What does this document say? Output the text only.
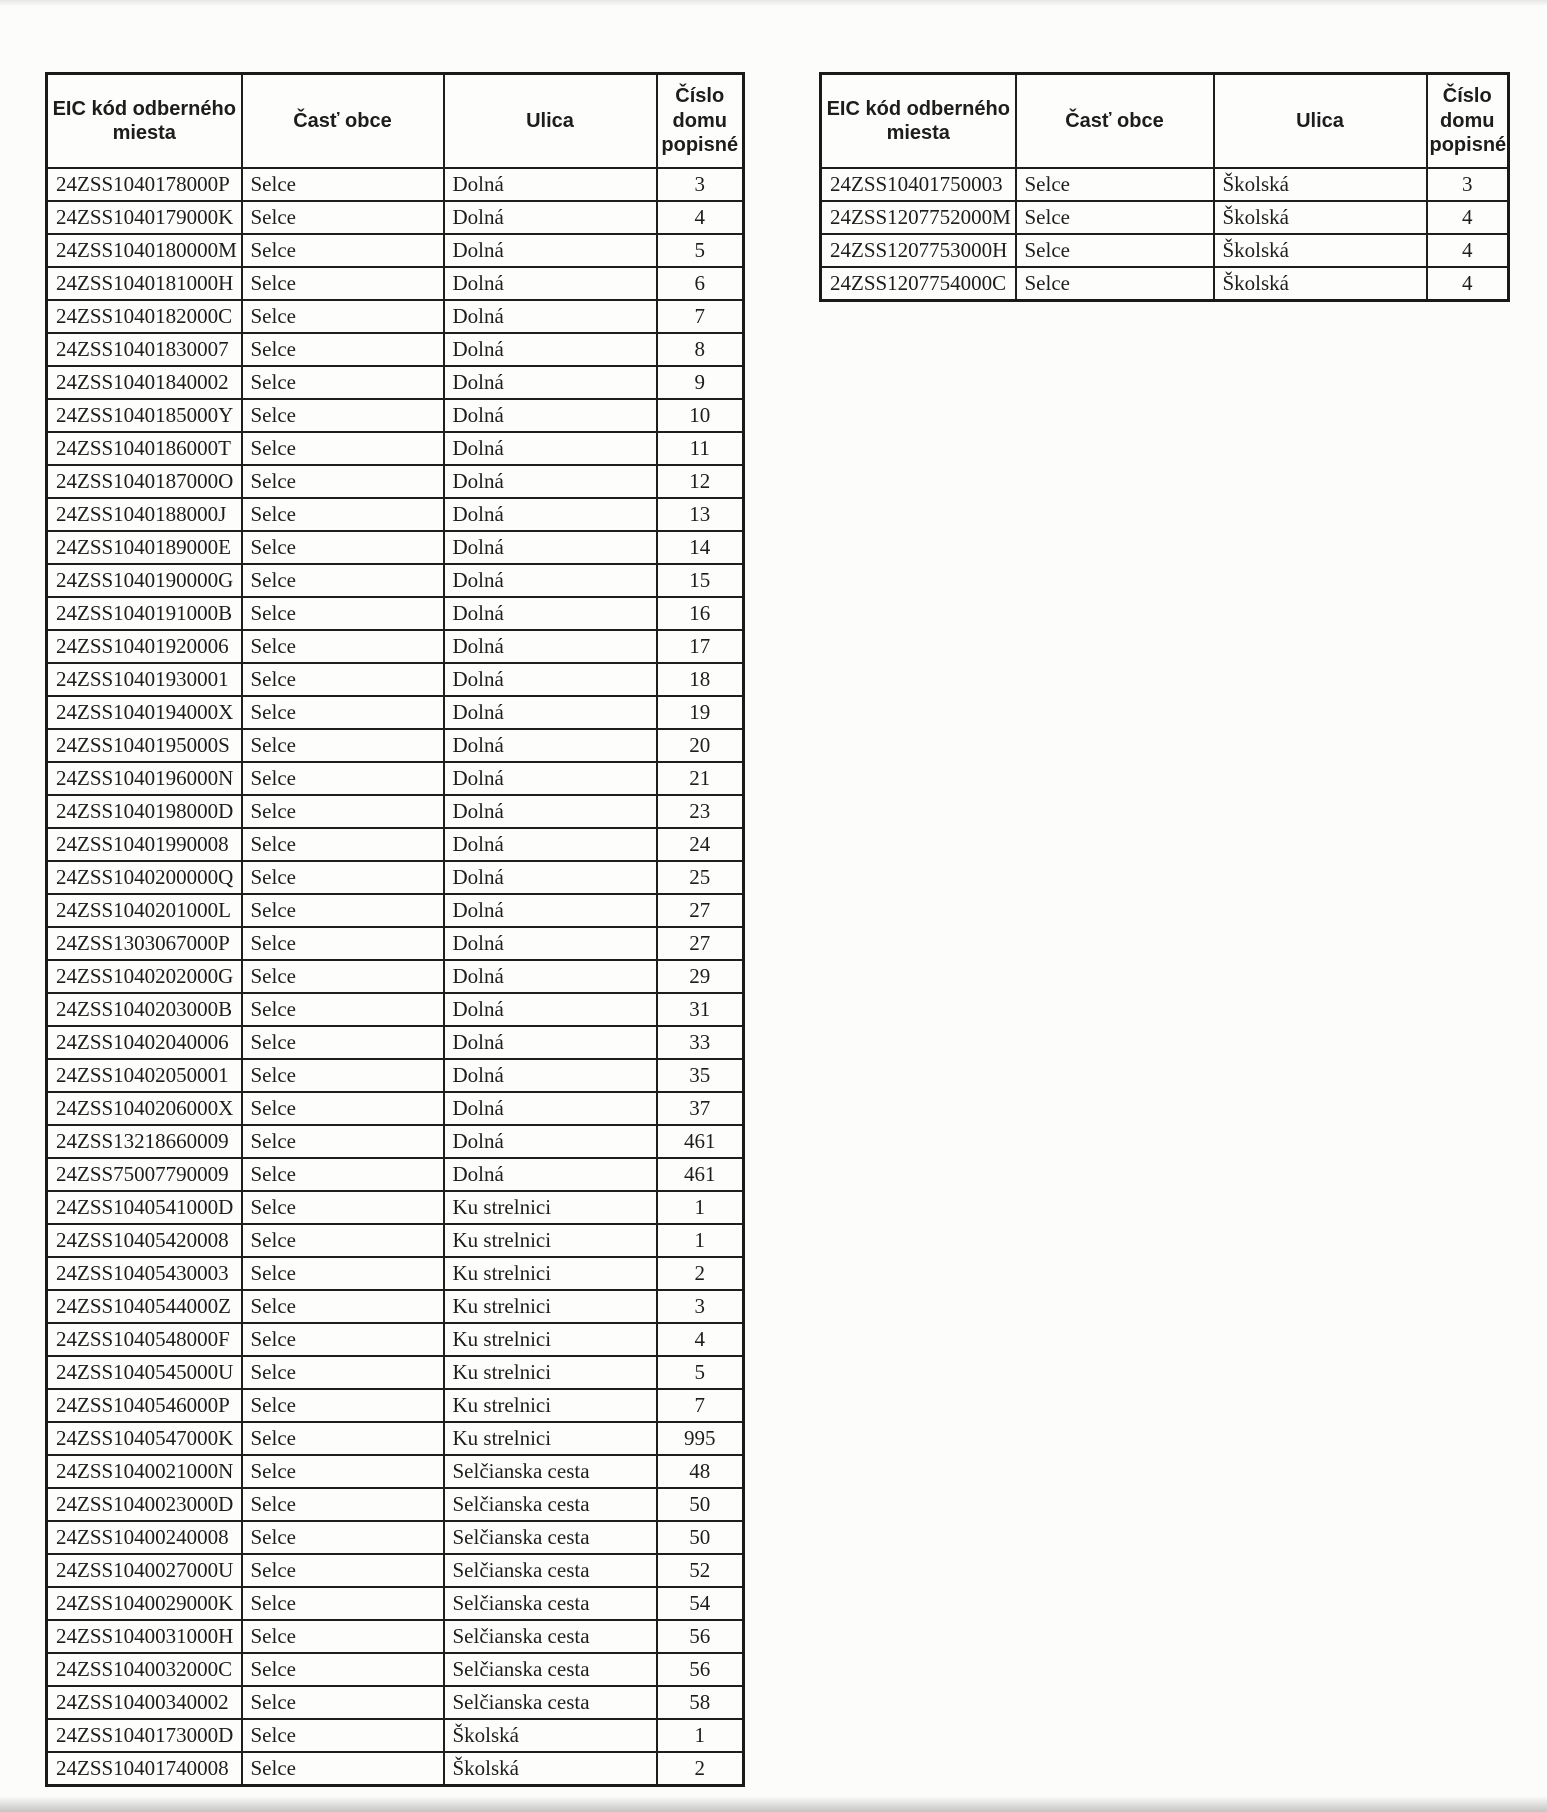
EIC kód odberného miesta	Časť obce	Ulica	Číslo domu popisné
24ZSS1040178000P	Selce	Dolná	3
24ZSS1040179000K	Selce	Dolná	4
24ZSS1040180000M	Selce	Dolná	5
24ZSS1040181000H	Selce	Dolná	6
24ZSS1040182000C	Selce	Dolná	7
24ZSS10401830007	Selce	Dolná	8
24ZSS10401840002	Selce	Dolná	9
24ZSS1040185000Y	Selce	Dolná	10
24ZSS1040186000T	Selce	Dolná	11
24ZSS1040187000O	Selce	Dolná	12
24ZSS1040188000J	Selce	Dolná	13
24ZSS1040189000E	Selce	Dolná	14
24ZSS1040190000G	Selce	Dolná	15
24ZSS1040191000B	Selce	Dolná	16
24ZSS10401920006	Selce	Dolná	17
24ZSS10401930001	Selce	Dolná	18
24ZSS1040194000X	Selce	Dolná	19
24ZSS1040195000S	Selce	Dolná	20
24ZSS1040196000N	Selce	Dolná	21
24ZSS1040198000D	Selce	Dolná	23
24ZSS10401990008	Selce	Dolná	24
24ZSS1040200000Q	Selce	Dolná	25
24ZSS1040201000L	Selce	Dolná	27
24ZSS1303067000P	Selce	Dolná	27
24ZSS1040202000G	Selce	Dolná	29
24ZSS1040203000B	Selce	Dolná	31
24ZSS10402040006	Selce	Dolná	33
24ZSS10402050001	Selce	Dolná	35
24ZSS1040206000X	Selce	Dolná	37
24ZSS13218660009	Selce	Dolná	461
24ZSS75007790009	Selce	Dolná	461
24ZSS1040541000D	Selce	Ku strelnici	1
24ZSS10405420008	Selce	Ku strelnici	1
24ZSS10405430003	Selce	Ku strelnici	2
24ZSS1040544000Z	Selce	Ku strelnici	3
24ZSS1040548000F	Selce	Ku strelnici	4
24ZSS1040545000U	Selce	Ku strelnici	5
24ZSS1040546000P	Selce	Ku strelnici	7
24ZSS1040547000K	Selce	Ku strelnici	995
24ZSS1040021000N	Selce	Selčianska cesta	48
24ZSS1040023000D	Selce	Selčianska cesta	50
24ZSS10400240008	Selce	Selčianska cesta	50
24ZSS1040027000U	Selce	Selčianska cesta	52
24ZSS1040029000K	Selce	Selčianska cesta	54
24ZSS1040031000H	Selce	Selčianska cesta	56
24ZSS1040032000C	Selce	Selčianska cesta	56
24ZSS10400340002	Selce	Selčianska cesta	58
24ZSS1040173000D	Selce	Školská	1
24ZSS10401740008	Selce	Školská	2
EIC kód odberného miesta	Časť obce	Ulica	Číslo domu popisné
24ZSS10401750003	Selce	Školská	3
24ZSS1207752000M	Selce	Školská	4
24ZSS1207753000H	Selce	Školská	4
24ZSS1207754000C	Selce	Školská	4
